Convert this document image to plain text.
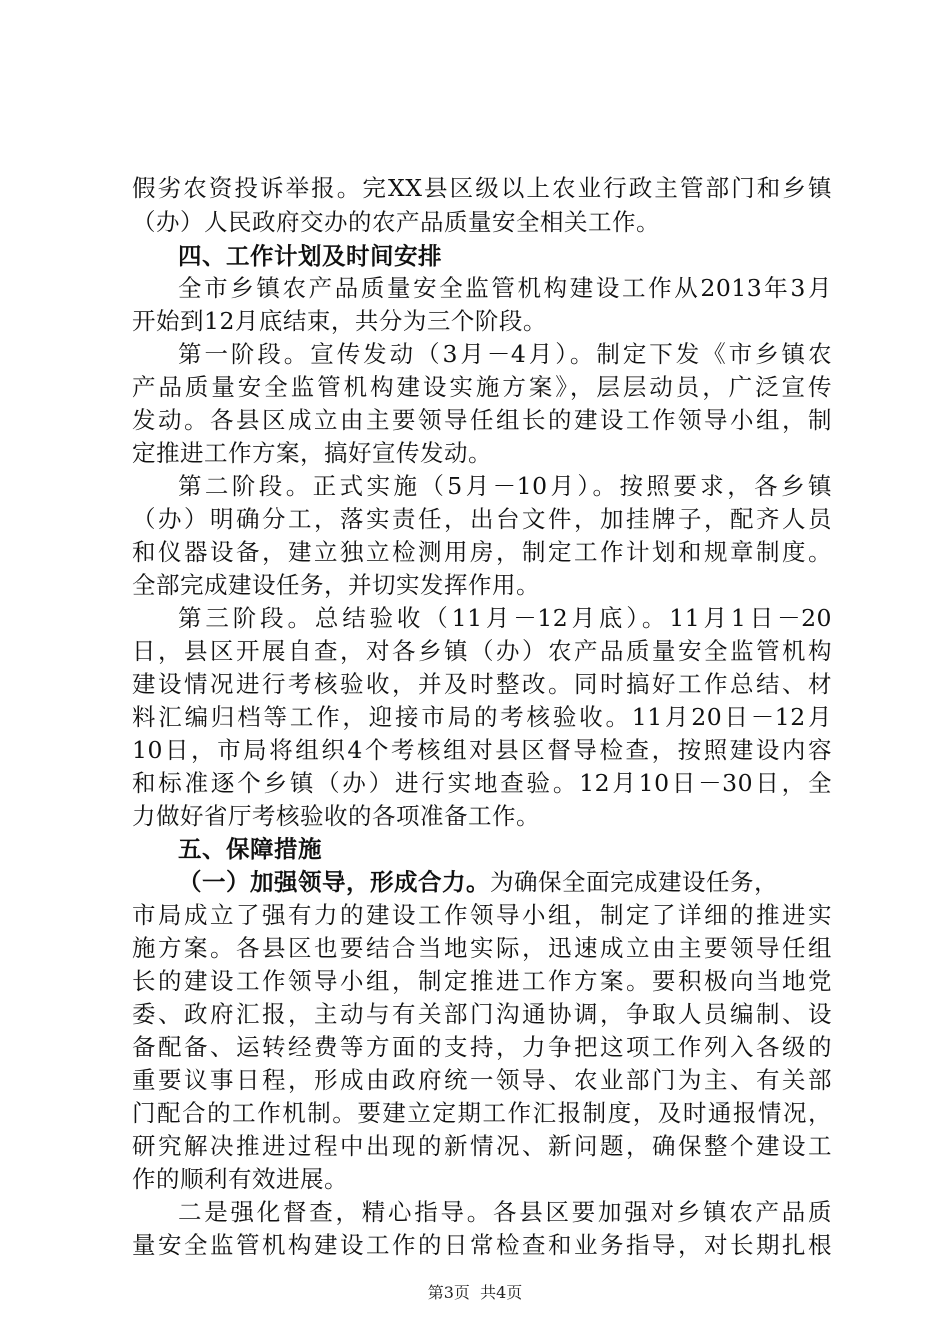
假劣农资投诉举报。完XX县区级以上农业行政主管部门和乡镇
（办）人民政府交办的农产品质量安全相关工作。
四、工作计划及时间安排
全市乡镇农产品质量安全监管机构建设工作从2013年3月
开始到12月底结束，共分为三个阶段。
第一阶段。宣传发动（3月－4月）。制定下发《市乡镇农
产品质量安全监管机构建设实施方案》，层层动员，广泛宣传
发动。各县区成立由主要领导任组长的建设工作领导小组，制
定推进工作方案，搞好宣传发动。
第二阶段。正式实施（5月－10月）。按照要求，各乡镇
（办）明确分工，落实责任，出台文件，加挂牌子，配齐人员
和仪器设备，建立独立检测用房，制定工作计划和规章制度。
全部完成建设任务，并切实发挥作用。
第三阶段。总结验收（11月－12月底）。11月1日－20
日，县区开展自查，对各乡镇（办）农产品质量安全监管机构
建设情况进行考核验收，并及时整改。同时搞好工作总结、材
料汇编归档等工作，迎接市局的考核验收。11月20日－12月
10日，市局将组织4个考核组对县区督导检查，按照建设内容
和标准逐个乡镇（办）进行实地查验。12月10日－30日，全
力做好省厅考核验收的各项准备工作。
五、保障措施
（一）加强领导，形成合力。为确保全面完成建设任务，
市局成立了强有力的建设工作领导小组，制定了详细的推进实
施方案。各县区也要结合当地实际，迅速成立由主要领导任组
长的建设工作领导小组，制定推进工作方案。要积极向当地党
委、政府汇报，主动与有关部门沟通协调，争取人员编制、设
备配备、运转经费等方面的支持，力争把这项工作列入各级的
重要议事日程，形成由政府统一领导、农业部门为主、有关部
门配合的工作机制。要建立定期工作汇报制度，及时通报情况，
研究解决推进过程中出现的新情况、新问题，确保整个建设工
作的顺利有效进展。
二是强化督查，精心指导。各县区要加强对乡镇农产品质
量安全监管机构建设工作的日常检查和业务指导，对长期扎根
第3页  共4页
